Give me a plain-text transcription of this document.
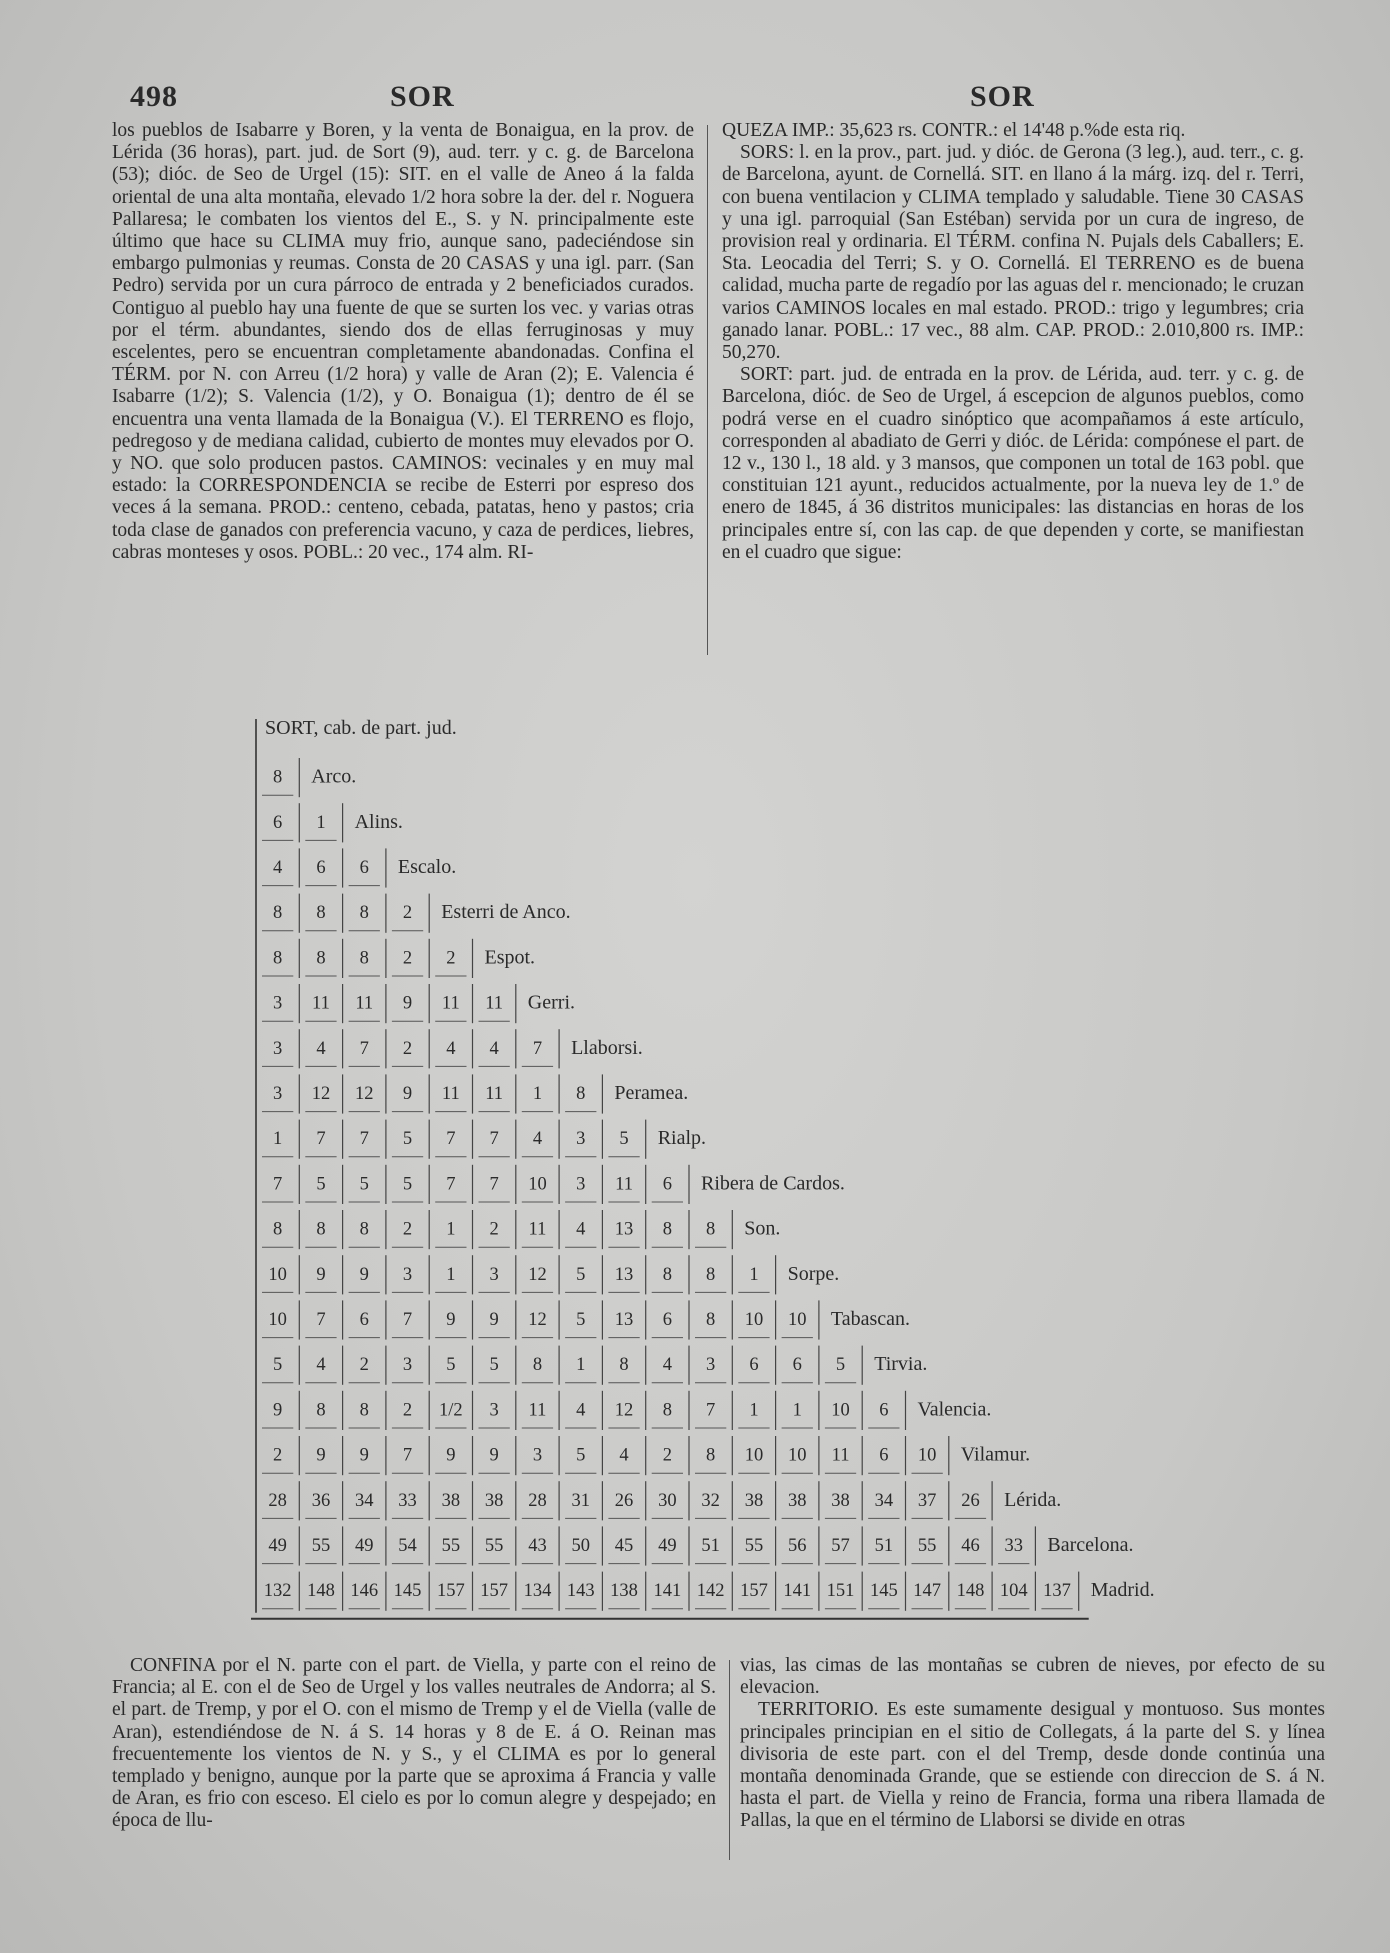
498	SOR	SOR

los pueblos de Isabarre y Boren, y la venta de Bonaigua, en la prov. de Lérida (36 horas), part. jud. de Sort (9), aud. terr. y c. g. de Barcelona (53); dióc. de Seo de Urgel (15): SIT. en el valle de Aneo á la falda oriental de una alta montaña, elevado 1/2 hora sobre la der. del r. Noguera Pallaresa; le combaten los vientos del E., S. y N. principalmente este último que hace su CLIMA muy frio, aunque sano, padeciéndose sin embargo pulmonias y reumas. Consta de 20 CASAS y una igl. parr. (San Pedro) servida por un cura párroco de entrada y 2 beneficiados curados. Contiguo al pueblo hay una fuente de que se surten los vec. y varias otras por el térm. abundantes, siendo dos de ellas ferruginosas y muy escelentes, pero se encuentran completamente abandonadas. Confina el TÉRM. por N. con Arreu (1/2 hora) y valle de Aran (2); E. Valencia é Isabarre (1/2); S. Valencia (1/2), y O. Bonaigua (1); dentro de él se encuentra una venta llamada de la Bonaigua (V.). El TERRENO es flojo, pedregoso y de mediana calidad, cubierto de montes muy elevados por O. y NO. que solo producen pastos. CAMINOS: vecinales y en muy mal estado: la CORRESPONDENCIA se recibe de Esterri por espreso dos veces á la semana. PROD.: centeno, cebada, patatas, heno y pastos; cria toda clase de ganados con preferencia vacuno, y caza de perdices, liebres, cabras monteses y osos. POBL.: 20 vec., 174 alm. RI-

QUEZA IMP.: 35,623 rs. CONTR.: el 14'48 p.%de esta riq.

SORS: l. en la prov., part. jud. y dióc. de Gerona (3 leg.), aud. terr., c. g. de Barcelona, ayunt. de Cornellá. SIT. en llano á la márg. izq. del r. Terri, con buena ventilacion y CLIMA templado y saludable. Tiene 30 CASAS y una igl. parroquial (San Estéban) servida por un cura de ingreso, de provision real y ordinaria. El TÉRM. confina N. Pujals dels Caballers; E. Sta. Leocadia del Terri; S. y O. Cornellá. El TERRENO es de buena calidad, mucha parte de regadío por las aguas del r. mencionado; le cruzan varios CAMINOS locales en mal estado. PROD.: trigo y legumbres; cria ganado lanar. POBL.: 17 vec., 88 alm. CAP. PROD.: 2.010,800 rs. IMP.: 50,270.

SORT: part. jud. de entrada en la prov. de Lérida, aud. terr. y c. g. de Barcelona, dióc. de Seo de Urgel, á escepcion de algunos pueblos, como podrá verse en el cuadro sinóptico que acompañamos á este artículo, corresponden al abadiato de Gerri y dióc. de Lérida: compónese el part. de 12 v., 130 l., 18 ald. y 3 mansos, que componen un total de 163 pobl. que constituian 121 ayunt., reducidos actualmente, por la nueva ley de 1.º de enero de 1845, á 36 distritos municipales: las distancias en horas de los principales entre sí, con las cap. de que dependen y corte, se manifiestan en el cuadro que sigue:

SORT, cab. de part. jud.
8 Arco.
6 1 Alins.
4 6 6 Escalo.
8 8 8 2 Esterri de Anco.
8 8 8 2 2 Espot.
3 11 11 9 11 11 Gerri.
3 4 7 2 4 4 7 Llaborsi.
3 12 12 9 11 11 1 8 Peramea.
1 7 7 5 7 7 4 3 5 Rialp.
7 5 5 5 7 7 10 3 11 6 Ribera de Cardos.
8 8 8 2 1 2 11 4 13 8 8 Son.
10 9 9 3 1 3 12 5 13 8 8 1 Sorpe.
10 7 6 7 9 9 12 5 13 6 8 10 10 Tabascan.
5 4 2 3 5 5 8 1 8 4 3 6 6 5 Tirvia.
9 8 8 2 1/2 3 11 4 12 8 7 1 1 10 6 Valencia.
2 9 9 7 9 9 3 5 4 2 8 10 10 11 6 10 Vilamur.
28 36 34 33 38 38 28 31 26 30 32 38 38 38 34 37 26 Lérida.
49 55 49 54 55 55 43 50 45 49 51 55 56 57 51 55 46 33 Barcelona.
132 148 146 145 157 157 134 143 138 141 142 157 141 151 145 147 148 104 137 Madrid.

CONFINA por el N. parte con el part. de Viella, y parte con el reino de Francia; al E. con el de Seo de Urgel y los valles neutrales de Andorra; al S. el part. de Tremp, y por el O. con el mismo de Tremp y el de Viella (valle de Aran), estendiéndose de N. á S. 14 horas y 8 de E. á O. Reinan mas frecuentemente los vientos de N. y S., y el CLIMA es por lo general templado y benigno, aunque por la parte que se aproxima á Francia y valle de Aran, es frio con esceso. El cielo es por lo comun alegre y despejado; en época de llu-

vias, las cimas de las montañas se cubren de nieves, por efecto de su elevacion.

TERRITORIO. Es este sumamente desigual y montuoso. Sus montes principales principian en el sitio de Collegats, á la parte del S. y línea divisoria de este part. con el del Tremp, desde donde continúa una montaña denominada Grande, que se estiende con direccion de S. á N. hasta el part. de Viella y reino de Francia, forma una ribera llamada de Pallas, la que en el término de Llaborsi se divide en otras
